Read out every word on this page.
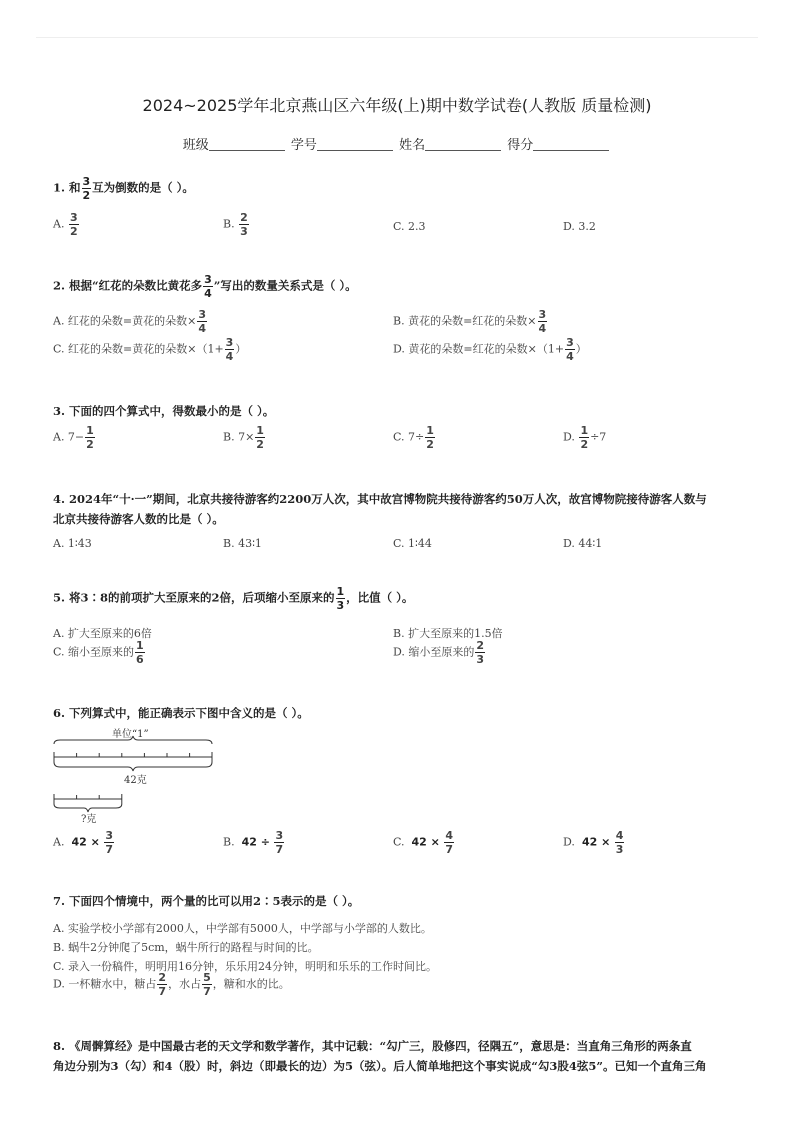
2024~2025学年北京燕山区六年级(上)期中数学试卷(人教版 质量检测)
班级	学号	姓名	得分
1. 和 $\frac{3}{2}$ 互为倒数的是（ ）。
A. $\frac{3}{2}$	B. $\frac{2}{3}$	C. 2.3	D. 3.2
2. 根据“红花的朵数比黄花多 $\frac{3}{4}$ ”写出的数量关系式是（ ）。
A. 红花的朵数=黄花的朵数× $\frac{3}{4}$	B. 黄花的朵数=红花的朵数× $\frac{3}{4}$
C. 红花的朵数=黄花的朵数$\times(1+ \frac{3}{4}$ ）	D. 黄花的朵数=红花的朵数$\times(1+ \frac{3}{4}$ ）
3. 下面的四个算式中，得数最小的是（ ）。
A. $7- \frac{1}{2}$	B. $7\times \frac{1}{2}$	C. $7\div \frac{1}{2}$	D. $\frac{1}{2} \div 7$
4. 2024年“十·一”期间，北京共接待游客约2200万人次，其中故宫博物院共接待游客约50万人次，故宫博物院接待游客人数与
北京共接待游客人数的比是（ ）。
A. 1∶43	B. 43∶1	C. 1∶44	D. 44∶1
5. 将3∶8的前项扩大至原来的2倍，后项缩小至原来的 $\frac{1}{3}$ ，比值（ ）。
A. 扩大至原来的6倍	B. 扩大至原来的1.5倍
C. 缩小至原来的 $\frac{1}{6}$	D. 缩小至原来的 $\frac{2}{3}$
6. 下列算式中，能正确表示下图中含义的是（ ）。
单位“1”
42克
?克
A. $42 \times \frac{3}{7}$	B. $42 \div \frac{3}{7}$	C. $42 \times \frac{4}{7}$	D. $42 \times \frac{4}{3}$
7. 下面四个情境中，两个量的比可以用2∶5表示的是（ ）。
A. 实验学校小学部有2000人，中学部有5000人，中学部与小学部的人数比。
B. 蜗牛2分钟爬了5cm，蜗牛所行的路程与时间的比。
C. 录入一份稿件，明明用16分钟，乐乐用24分钟，明明和乐乐的工作时间比。
D. 一杯糖水中，糖占 $\frac{2}{7}$ ，水占 $\frac{5}{7}$ ，糖和水的比。
8. 《周髀算经》是中国最古老的天文学和数学著作，其中记载：“勾广三，股修四，径隅五”，意思是：当直角三角形的两条直
角边分别为3（勾）和4（股）时，斜边（即最长的边）为5（弦）。后人简单地把这个事实说成“勾3股4弦5”。已知一个直角三角
